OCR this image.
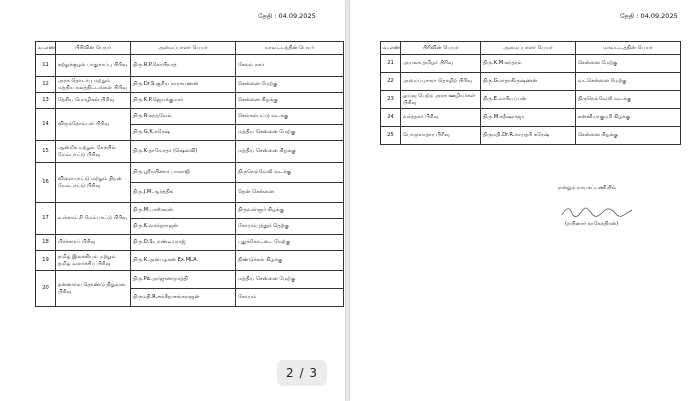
தேதி : 04.09.2025
வ.எண்	பிரிவின் பெயர்	அமைப்பாளர் பெயர்	மாவட்டத்தின் பெயர்
11	சுற்றுச்சூழல் பாதுகாப்பு பிரிவு	திரு.R.P.கோபிநாத்	சேலம் நகர்
12	அரசு தொடர்பு மற்றும் மத்திய நலத்திட்டங்கள் பிரிவு	திரு.Dr.S.சூரிய நாராயணன்	சென்னை மேற்கு
13	தேசிய மொழிகள் பிரிவு	திரு.K.P.ஜெயக்குமார்	சென்னை கிழக்கு
14	விருந்தோம்பல் பிரிவு	திரு.R.சுந்தவேல்	செங்கல்பட்டு வடக்கு
		திரு.G.K.சுரேஷ்	மத்திய சென்னை மேற்கு
15	ஆன்மீக மற்றும் கோயில் மேம்பாட்டு பிரிவு	திரு.K.தாமோதர் (ஷெல்வி)	மத்திய சென்னை கிழக்கு
16	விளையாட்டு மற்றும் திறன் மேம்பாட்டு பிரிவு	திரு.ஸ்ரீநயினார் பாலாஜி	திருநெல்வேலி வடக்கு
		திரு.J.M.ஆர்த்திக்	தென் சென்னை
17	உள்ளாட்சி மேம்பாட்டு பிரிவு	திரு.M.பாஸ்கரன்	திருவள்ளூர் கிழக்கு
		திரு.K.வசந்தராஜன்	கோயம்புத்தூர் தெற்கு
18	பிரச்சாரப் பிரிவு	திரு.D.S.பாண்டியராஜ்	புதுக்கோட்டை மேற்கு
19	தமிழ் இலக்கியம் மற்றும் தமிழ் வளர்ச்சிப் பிரிவு	திரு.K.அன்பழகன் Ex.MLA	திண்டுக்கல் கிழக்கு
20	தன்னார்வ தொண்டு நிறுவன பிரிவு	திரு.Pa.அர்ஜுனமூர்த்தி	மத்திய சென்னை மேற்கு
		திருமதி.R.சங்கீதாசங்கராஜன்	கோயம்
2 / 3
தேதி : 04.09.2025
வ.எண்	பிரிவின் பெயர்	அமைப்பாளர் பெயர்	மாவட்டத்தின் பெயர்
21	அயலக தமிழர் பிரிவு	திரு.K.M.சுந்தரம்	சென்னை மேற்கு
22	அமைப்புசாரா தொழிற் பிரிவு	திரு.G.ராதாகிருஷ்ணன்	வடசென்னை மேற்கு
23	ஓய்வு பெற்ற அரசு ஊழியர்கள் பிரிவு	திரு.E.மாரியப்பன்	திருநெல்வேலி வடக்கு
24	வர்த்தகர் பிரிவு	திரு.M.சதீஷ்ராஜா	கன்னியாகுமரி கிழக்கு
25	பொருளாதார பிரிவு	திருமதி.Dr.R.காயத்ரி சுரேஷ்	சென்னை கிழக்கு
என்றும் நாயகப்பணியில்
(நயினார் நாகேந்திரன்)
